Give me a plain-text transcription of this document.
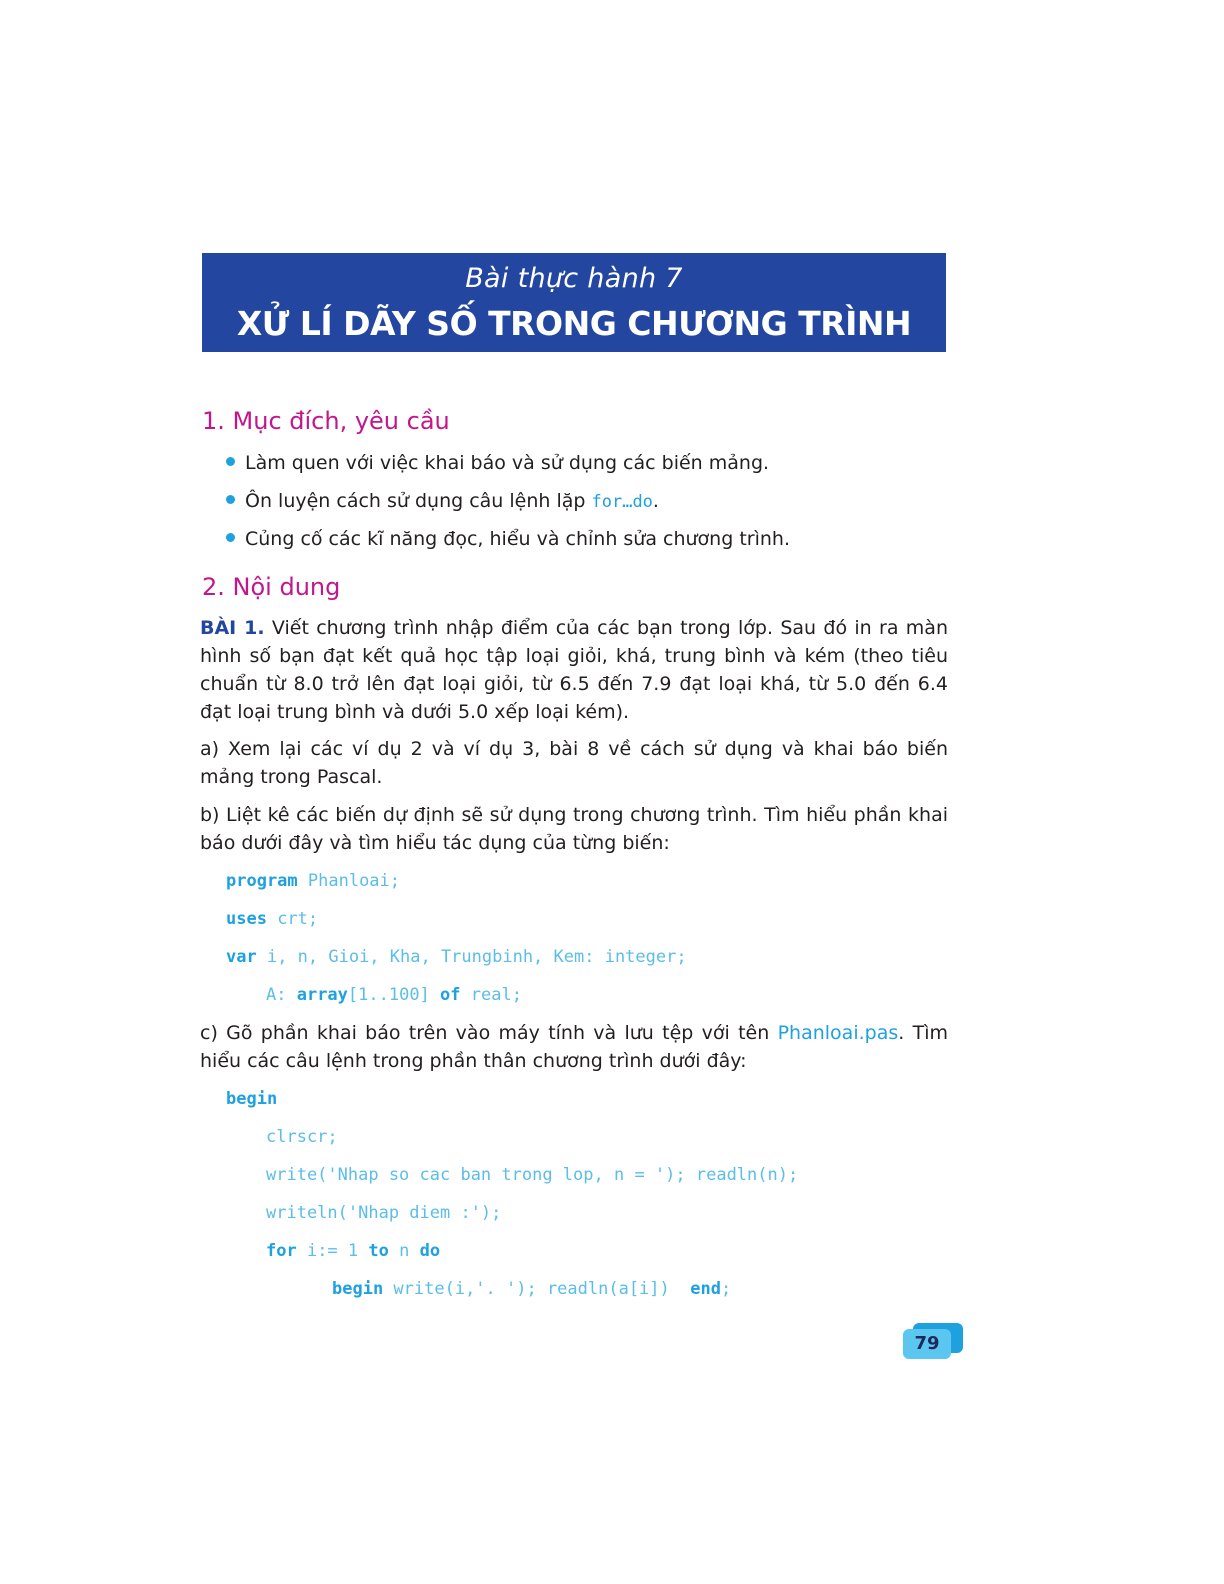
Bài thực hành 7
XỬ LÍ DÃY SỐ TRONG CHƯƠNG TRÌNH
1. Mục đích, yêu cầu
Làm quen với việc khai báo và sử dụng các biến mảng.
Ôn luyện cách sử dụng câu lệnh lặp for…do.
Củng cố các kĩ năng đọc, hiểu và chỉnh sửa chương trình.
2. Nội dung
BÀI 1. Viết chương trình nhập điểm của các bạn trong lớp. Sau đó in ra màn hình số bạn đạt kết quả học tập loại giỏi, khá, trung bình và kém (theo tiêu chuẩn từ 8.0 trở lên đạt loại giỏi, từ 6.5 đến 7.9 đạt loại khá, từ 5.0 đến 6.4 đạt loại trung bình và dưới 5.0 xếp loại kém).
a) Xem lại các ví dụ 2 và ví dụ 3, bài 8 về cách sử dụng và khai báo biến mảng trong Pascal.
b) Liệt kê các biến dự định sẽ sử dụng trong chương trình. Tìm hiểu phần khai báo dưới đây và tìm hiểu tác dụng của từng biến:
program Phanloai;
uses crt;
var i, n, Gioi, Kha, Trungbinh, Kem: integer;
A: array[1..100] of real;
c) Gõ phần khai báo trên vào máy tính và lưu tệp với tên Phanloai.pas. Tìm hiểu các câu lệnh trong phần thân chương trình dưới đây:
begin
clrscr;
write('Nhap so cac ban trong lop, n = '); readln(n);
writeln('Nhap diem :');
for i:= 1 to n do
begin write(i,'. '); readln(a[i])  end;
79
